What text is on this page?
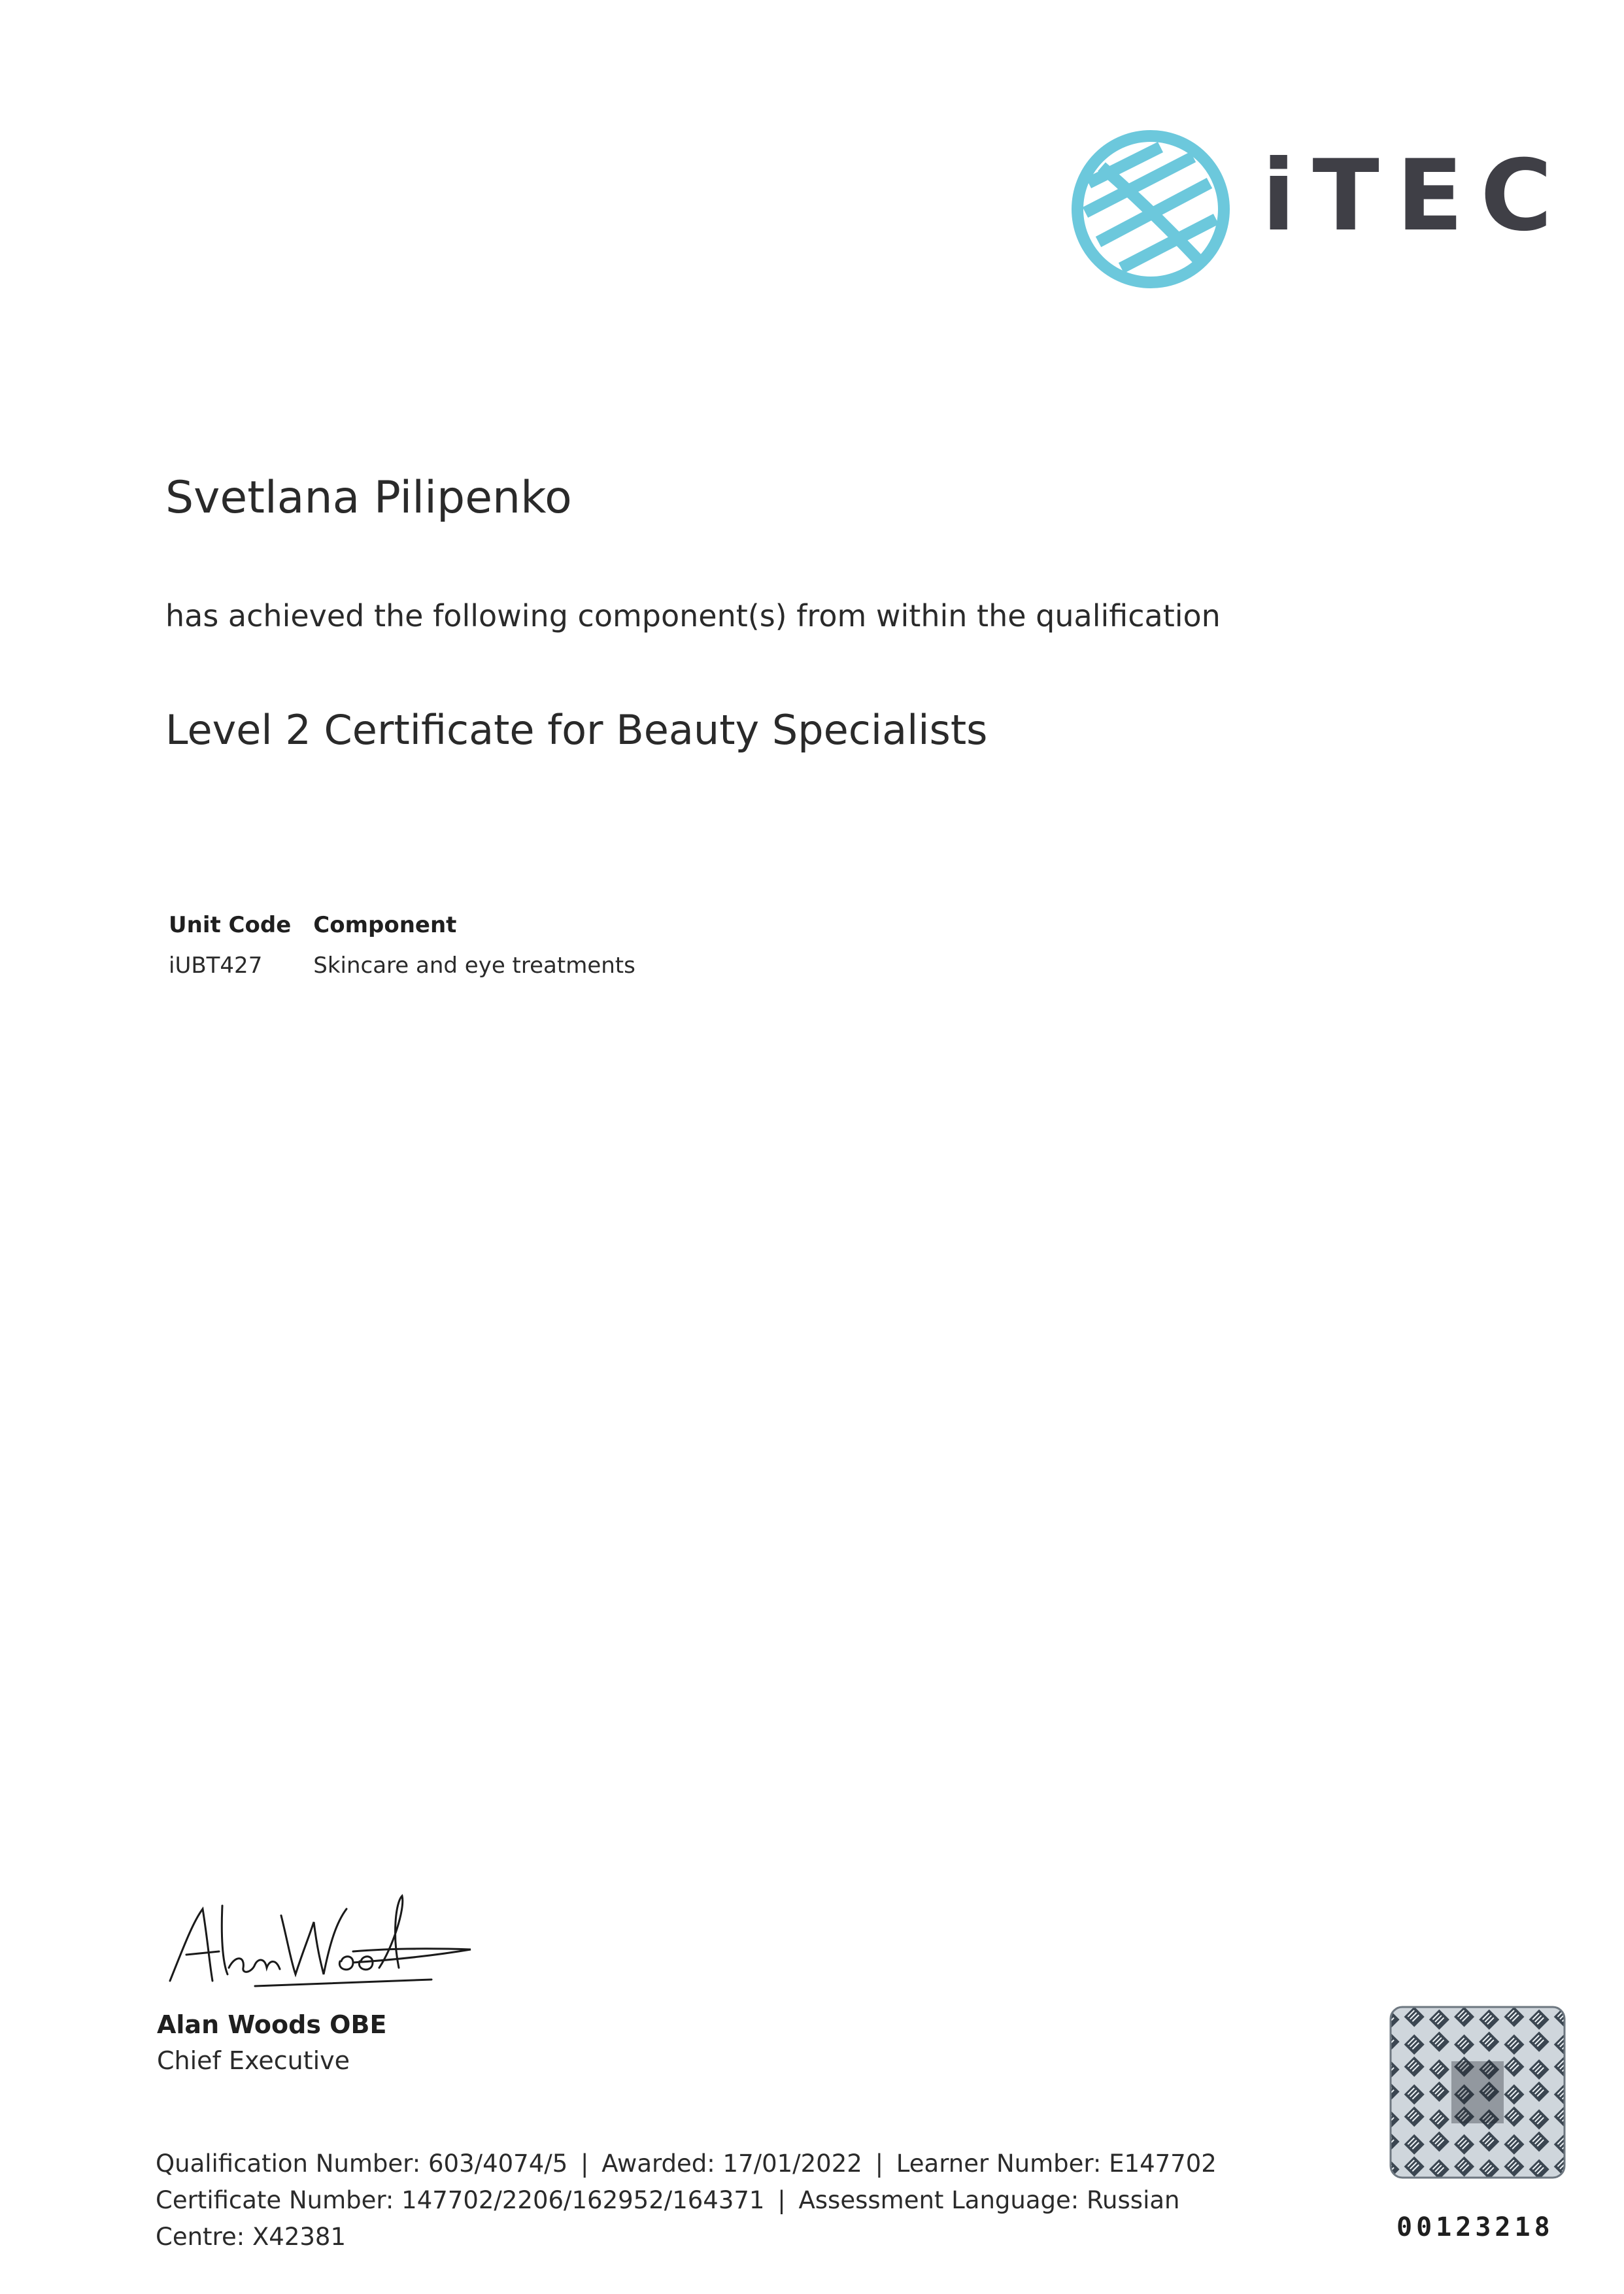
iTEC
Svetlana Pilipenko
has achieved the following component(s) from within the qualification
Level 2 Certificate for Beauty Specialists
Unit Code	Component
iUBT427	Skincare and eye treatments
Alan Woods OBE
Chief Executive
Qualification Number: 603/4074/5 | Awarded: 17/01/2022 | Learner Number: E147702
Certificate Number: 147702/2206/162952/164371 | Assessment Language: Russian
Centre: X42381	00123218
